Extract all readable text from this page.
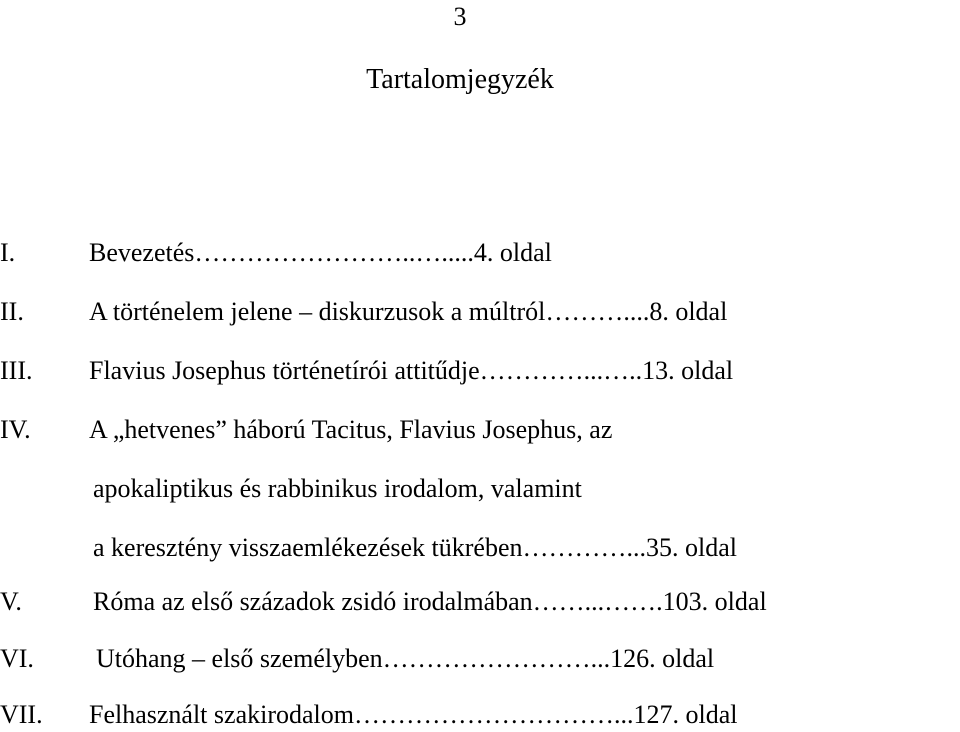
3
Tartalomjegyzék
I.	Bevezetés……………………..….....4. oldal
II.	A történelem jelene – diskurzusok a múltról………....8. oldal
III. Flavius Josephus történetírói attitűdje…………...…..13. oldal
IV. A „hetvenes” háború Tacitus, Flavius Josephus, az
apokaliptikus és rabbinikus irodalom, valamint
a keresztény visszaemlékezések tükrében…………...35. oldal
V.	Róma az első századok zsidó irodalmában……...…….103. oldal
VI. Utóhang – első személyben……………………...126. oldal
VII. Felhasznált szakirodalom…………………………...127. oldal
